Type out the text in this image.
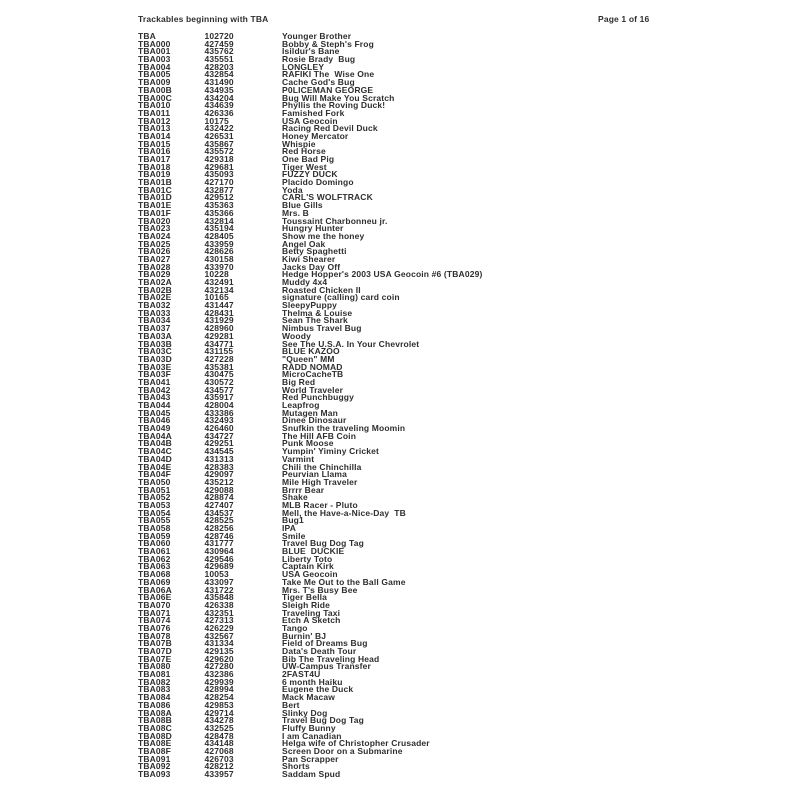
Trackables beginning with TBA	Page 1 of 16
TBA	102720	Younger Brother
TBA000	427459	Bobby & Steph's Frog
TBA001	435762	Isildur's Bane
TBA003	435551	Rosie Brady  Bug
TBA004	428203	LONGLEY
TBA005	432854	RAFIKI The  Wise One
TBA009	431490	Cache God's Bug
TBA00B	434935	P0LICEMAN GEORGE
TBA00C	434204	Bug Will Make You Scratch
TBA010	434639	Phyllis the Roving Duck!
TBA011	426336	Famished Fork
TBA012	10175	USA Geocoin
TBA013	432422	Racing Red Devil Duck
TBA014	426531	Honey Mercator
TBA015	435867	Whispie
TBA016	435572	Red Horse
TBA017	429318	One Bad Pig
TBA018	429681	Tiger West
TBA019	435093	FUZZY DUCK
TBA01B	427170	Placido Domingo
TBA01C	432877	Yoda
TBA01D	429512	CARL'S WOLFTRACK
TBA01E	435363	Blue Gills
TBA01F	435366	Mrs. B
TBA020	432814	Toussaint Charbonneu jr.
TBA023	435194	Hungry Hunter
TBA024	428405	Show me the honey
TBA025	433959	Angel Oak
TBA026	428626	Betty Spaghetti
TBA027	430158	Kiwi Shearer
TBA028	433970	Jacks Day Off
TBA029	10228	Hedge Hopper's 2003 USA Geocoin #6 (TBA029)
TBA02A	432491	Muddy 4x4
TBA02B	432134	Roasted Chicken II
TBA02E	10165	signature (calling) card coin
TBA032	431447	SleepyPuppy
TBA033	428431	Thelma & Louise
TBA034	431929	Sean The Shark
TBA037	428960	Nimbus Travel Bug
TBA03A	429281	Woody
TBA03B	434771	See The U.S.A. In Your Chevrolet
TBA03C	431155	BLUE KAZOO
TBA03D	427228	"Queen" MM
TBA03E	435381	RADD NOMAD
TBA03F	430475	MicroCacheTB
TBA041	430572	Big Red
TBA042	434577	World Traveler
TBA043	435917	Red Punchbuggy
TBA044	428004	Leapfrog
TBA045	433386	Mutagen Man
TBA046	432493	Dinee Dinosaur
TBA049	426460	Snufkin the traveling Moomin
TBA04A	434727	The Hill AFB Coin
TBA04B	429251	Punk Moose
TBA04C	434545	Yumpin' Yiminy Cricket
TBA04D	431313	Varmint
TBA04E	428383	Chili the Chinchilla
TBA04F	429097	Peurvian Llama
TBA050	435212	Mile High Traveler
TBA051	429088	Brrrr Bear
TBA052	428874	Shake
TBA053	427407	MLB Racer - Pluto
TBA054	434537	Mell, the Have-a-Nice-Day  TB
TBA055	428525	Bug1
TBA058	428256	IPA
TBA059	428746	Smile
TBA060	431777	Travel Bug Dog Tag
TBA061	430964	BLUE  DUCKIE
TBA062	429546	Liberty Toto
TBA063	429689	Captain Kirk
TBA068	10053	USA Geocoin
TBA069	433097	Take Me Out to the Ball Game
TBA06A	431722	Mrs. T's Busy Bee
TBA06E	435848	Tiger Bella
TBA070	426338	Sleigh Ride
TBA071	432351	Traveling Taxi
TBA074	427313	Etch A Sketch
TBA076	426229	Tango
TBA078	432567	Burnin' BJ
TBA07B	431334	Field of Dreams Bug
TBA07D	429135	Data's Death Tour
TBA07E	429620	Bib The Traveling Head
TBA080	427280	UW-Campus Transfer
TBA081	432386	2FAST4U
TBA082	429939	6 month Haiku
TBA083	428994	Eugene the Duck
TBA084	428254	Mack Macaw
TBA086	429853	Bert
TBA08A	429714	Slinky Dog
TBA08B	434278	Travel Bug Dog Tag
TBA08C	432525	Fluffy Bunny
TBA08D	428478	I am Canadian
TBA08E	434148	Helga wife of Christopher Crusader
TBA08F	427068	Screen Door on a Submarine
TBA091	426703	Pan Scrapper
TBA092	428212	Shorts
TBA093	433957	Saddam Spud
